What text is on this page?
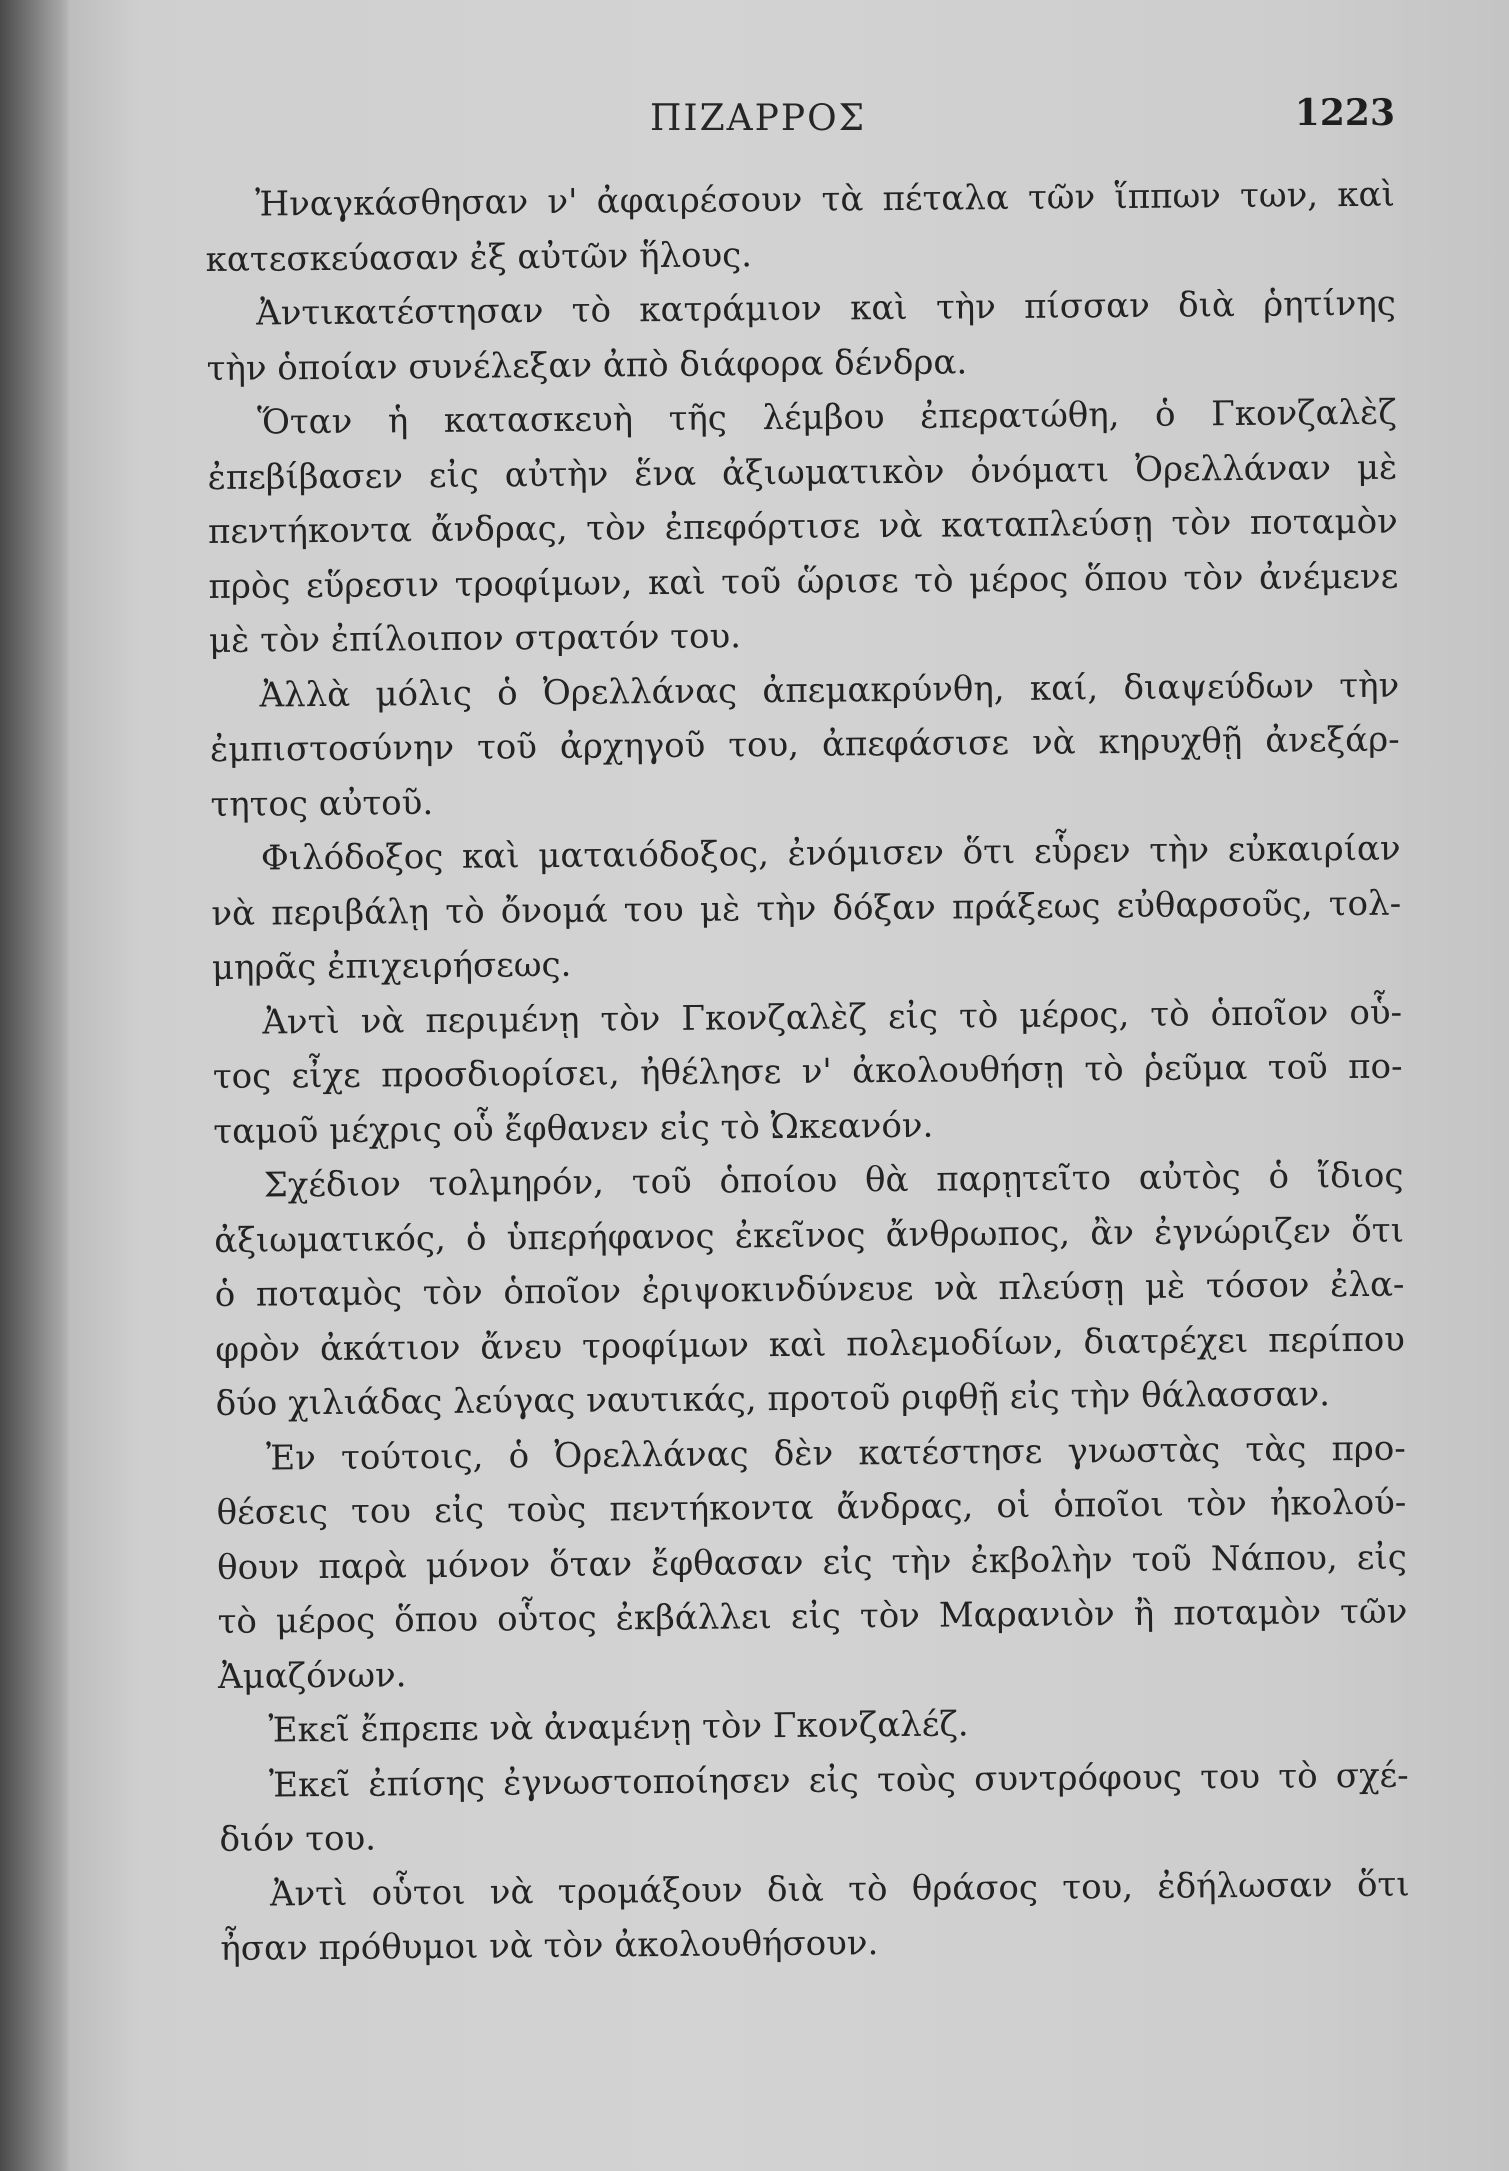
ΠΙΖΑΡΡΟΣ	1223
Ἠναγκάσθησαν ν' ἀφαιρέσουν τὰ πέταλα τῶν ἵππων των, καὶ
κατεσκεύασαν ἐξ αὐτῶν ἥλους.
Ἀντικατέστησαν τὸ κατράμιον καὶ τὴν πίσσαν διὰ ῥητίνης
τὴν ὁποίαν συνέλεξαν ἀπὸ διάφορα δένδρα.
Ὅταν ἡ κατασκευὴ τῆς λέμβου ἐπερατώθη, ὁ Γκονζαλὲζ
ἐπεβίβασεν εἰς αὐτὴν ἕνα ἀξιωματικὸν ὀνόματι Ὀρελλάναν μὲ
πεντήκοντα ἄνδρας, τὸν ἐπεφόρτισε νὰ καταπλεύσῃ τὸν ποταμὸν
πρὸς εὕρεσιν τροφίμων, καὶ τοῦ ὥρισε τὸ μέρος ὅπου τὸν ἀνέμενε
μὲ τὸν ἐπίλοιπον στρατόν του.
Ἀλλὰ μόλις ὁ Ὀρελλάνας ἀπεμακρύνθη, καί, διαψεύδων τὴν
ἐμπιστοσύνην τοῦ ἀρχηγοῦ του, ἀπεφάσισε νὰ κηρυχθῇ ἀνεξάρ-
τητος αὐτοῦ.
Φιλόδοξος καὶ ματαιόδοξος, ἐνόμισεν ὅτι εὗρεν τὴν εὐκαιρίαν
νὰ περιβάλῃ τὸ ὄνομά του μὲ τὴν δόξαν πράξεως εὐθαρσοῦς, τολ-
μηρᾶς ἐπιχειρήσεως.
Ἀντὶ νὰ περιμένῃ τὸν Γκονζαλὲζ εἰς τὸ μέρος, τὸ ὁποῖον οὗ-
τος εἶχε προσδιορίσει, ἠθέλησε ν' ἀκολουθήσῃ τὸ ῥεῦμα τοῦ πο-
ταμοῦ μέχρις οὗ ἔφθανεν εἰς τὸ Ὠκεανόν.
Σχέδιον τολμηρόν, τοῦ ὁποίου θὰ παρῃτεῖτο αὐτὸς ὁ ἴδιος
ἀξιωματικός, ὁ ὑπερήφανος ἐκεῖνος ἄνθρωπος, ἂν ἐγνώριζεν ὅτι
ὁ ποταμὸς τὸν ὁποῖον ἐριψοκινδύνευε νὰ πλεύσῃ μὲ τόσον ἐλα-
φρὸν ἀκάτιον ἄνευ τροφίμων καὶ πολεμοδίων, διατρέχει περίπου
δύο χιλιάδας λεύγας ναυτικάς, προτοῦ ριφθῇ εἰς τὴν θάλασσαν.
Ἐν τούτοις, ὁ Ὀρελλάνας δὲν κατέστησε γνωστὰς τὰς προ-
θέσεις του εἰς τοὺς πεντήκοντα ἄνδρας, οἱ ὁποῖοι τὸν ἠκολού-
θουν παρὰ μόνον ὅταν ἔφθασαν εἰς τὴν ἐκβολὴν τοῦ Νάπου, εἰς
τὸ μέρος ὅπου οὗτος ἐκβάλλει εἰς τὸν Μαρανιὸν ἢ ποταμὸν τῶν
Ἀμαζόνων.
Ἐκεῖ ἔπρεπε νὰ ἀναμένῃ τὸν Γκονζαλέζ.
Ἐκεῖ ἐπίσης ἐγνωστοποίησεν εἰς τοὺς συντρόφους του τὸ σχέ-
διόν του.
Ἀντὶ οὗτοι νὰ τρομάξουν διὰ τὸ θράσος του, ἐδήλωσαν ὅτι
ἦσαν πρόθυμοι νὰ τὸν ἀκολουθήσουν.
